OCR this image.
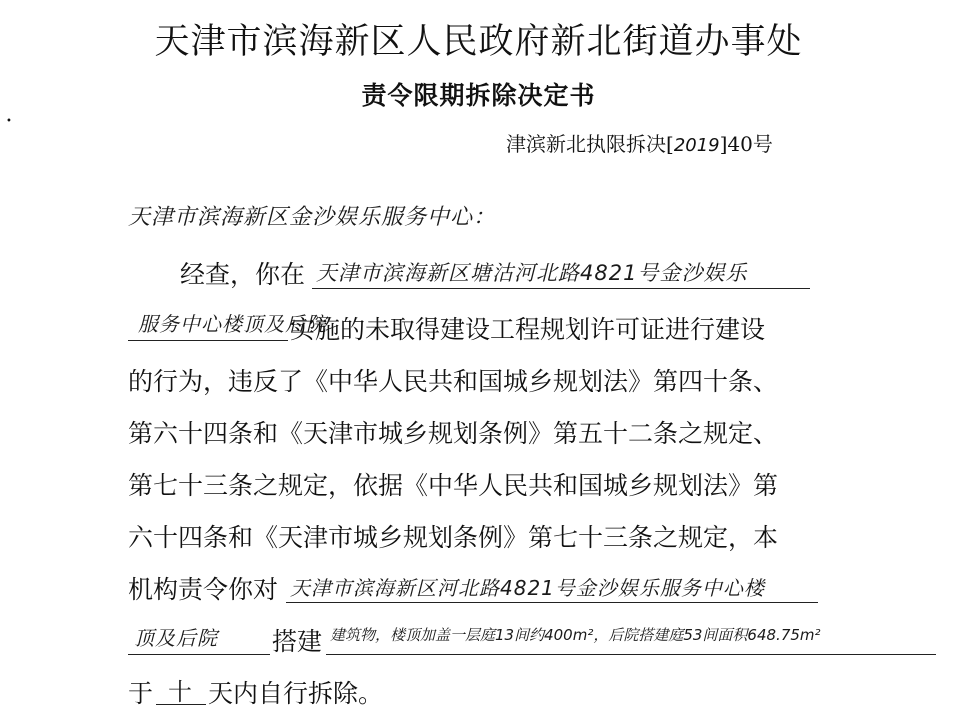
•
天津市滨海新区人民政府新北街道办事处
责令限期拆除决定书
津滨新北执限拆决[2019]40号
天津市滨海新区金沙娱乐服务中心：
经查，你在 天津市滨海新区塘沽河北路4821号金沙娱乐
服务中心楼顶及后院
实施的未取得建设工程规划许可证进行建设
的行为，违反了《中华人民共和国城乡规划法》第四十条、
第六十四条和《天津市城乡规划条例》第五十二条之规定、
第七十三条之规定，依据《中华人民共和国城乡规划法》第
六十四条和《天津市城乡规划条例》第七十三条之规定，本
机构责令你对 天津市滨海新区河北路4821号金沙娱乐服务中心楼
顶及后院 搭建 建筑物，楼顶加盖一层庭13间约400m²，后院搭建庭53间面积648.75m²
于 十 天内自行拆除。
